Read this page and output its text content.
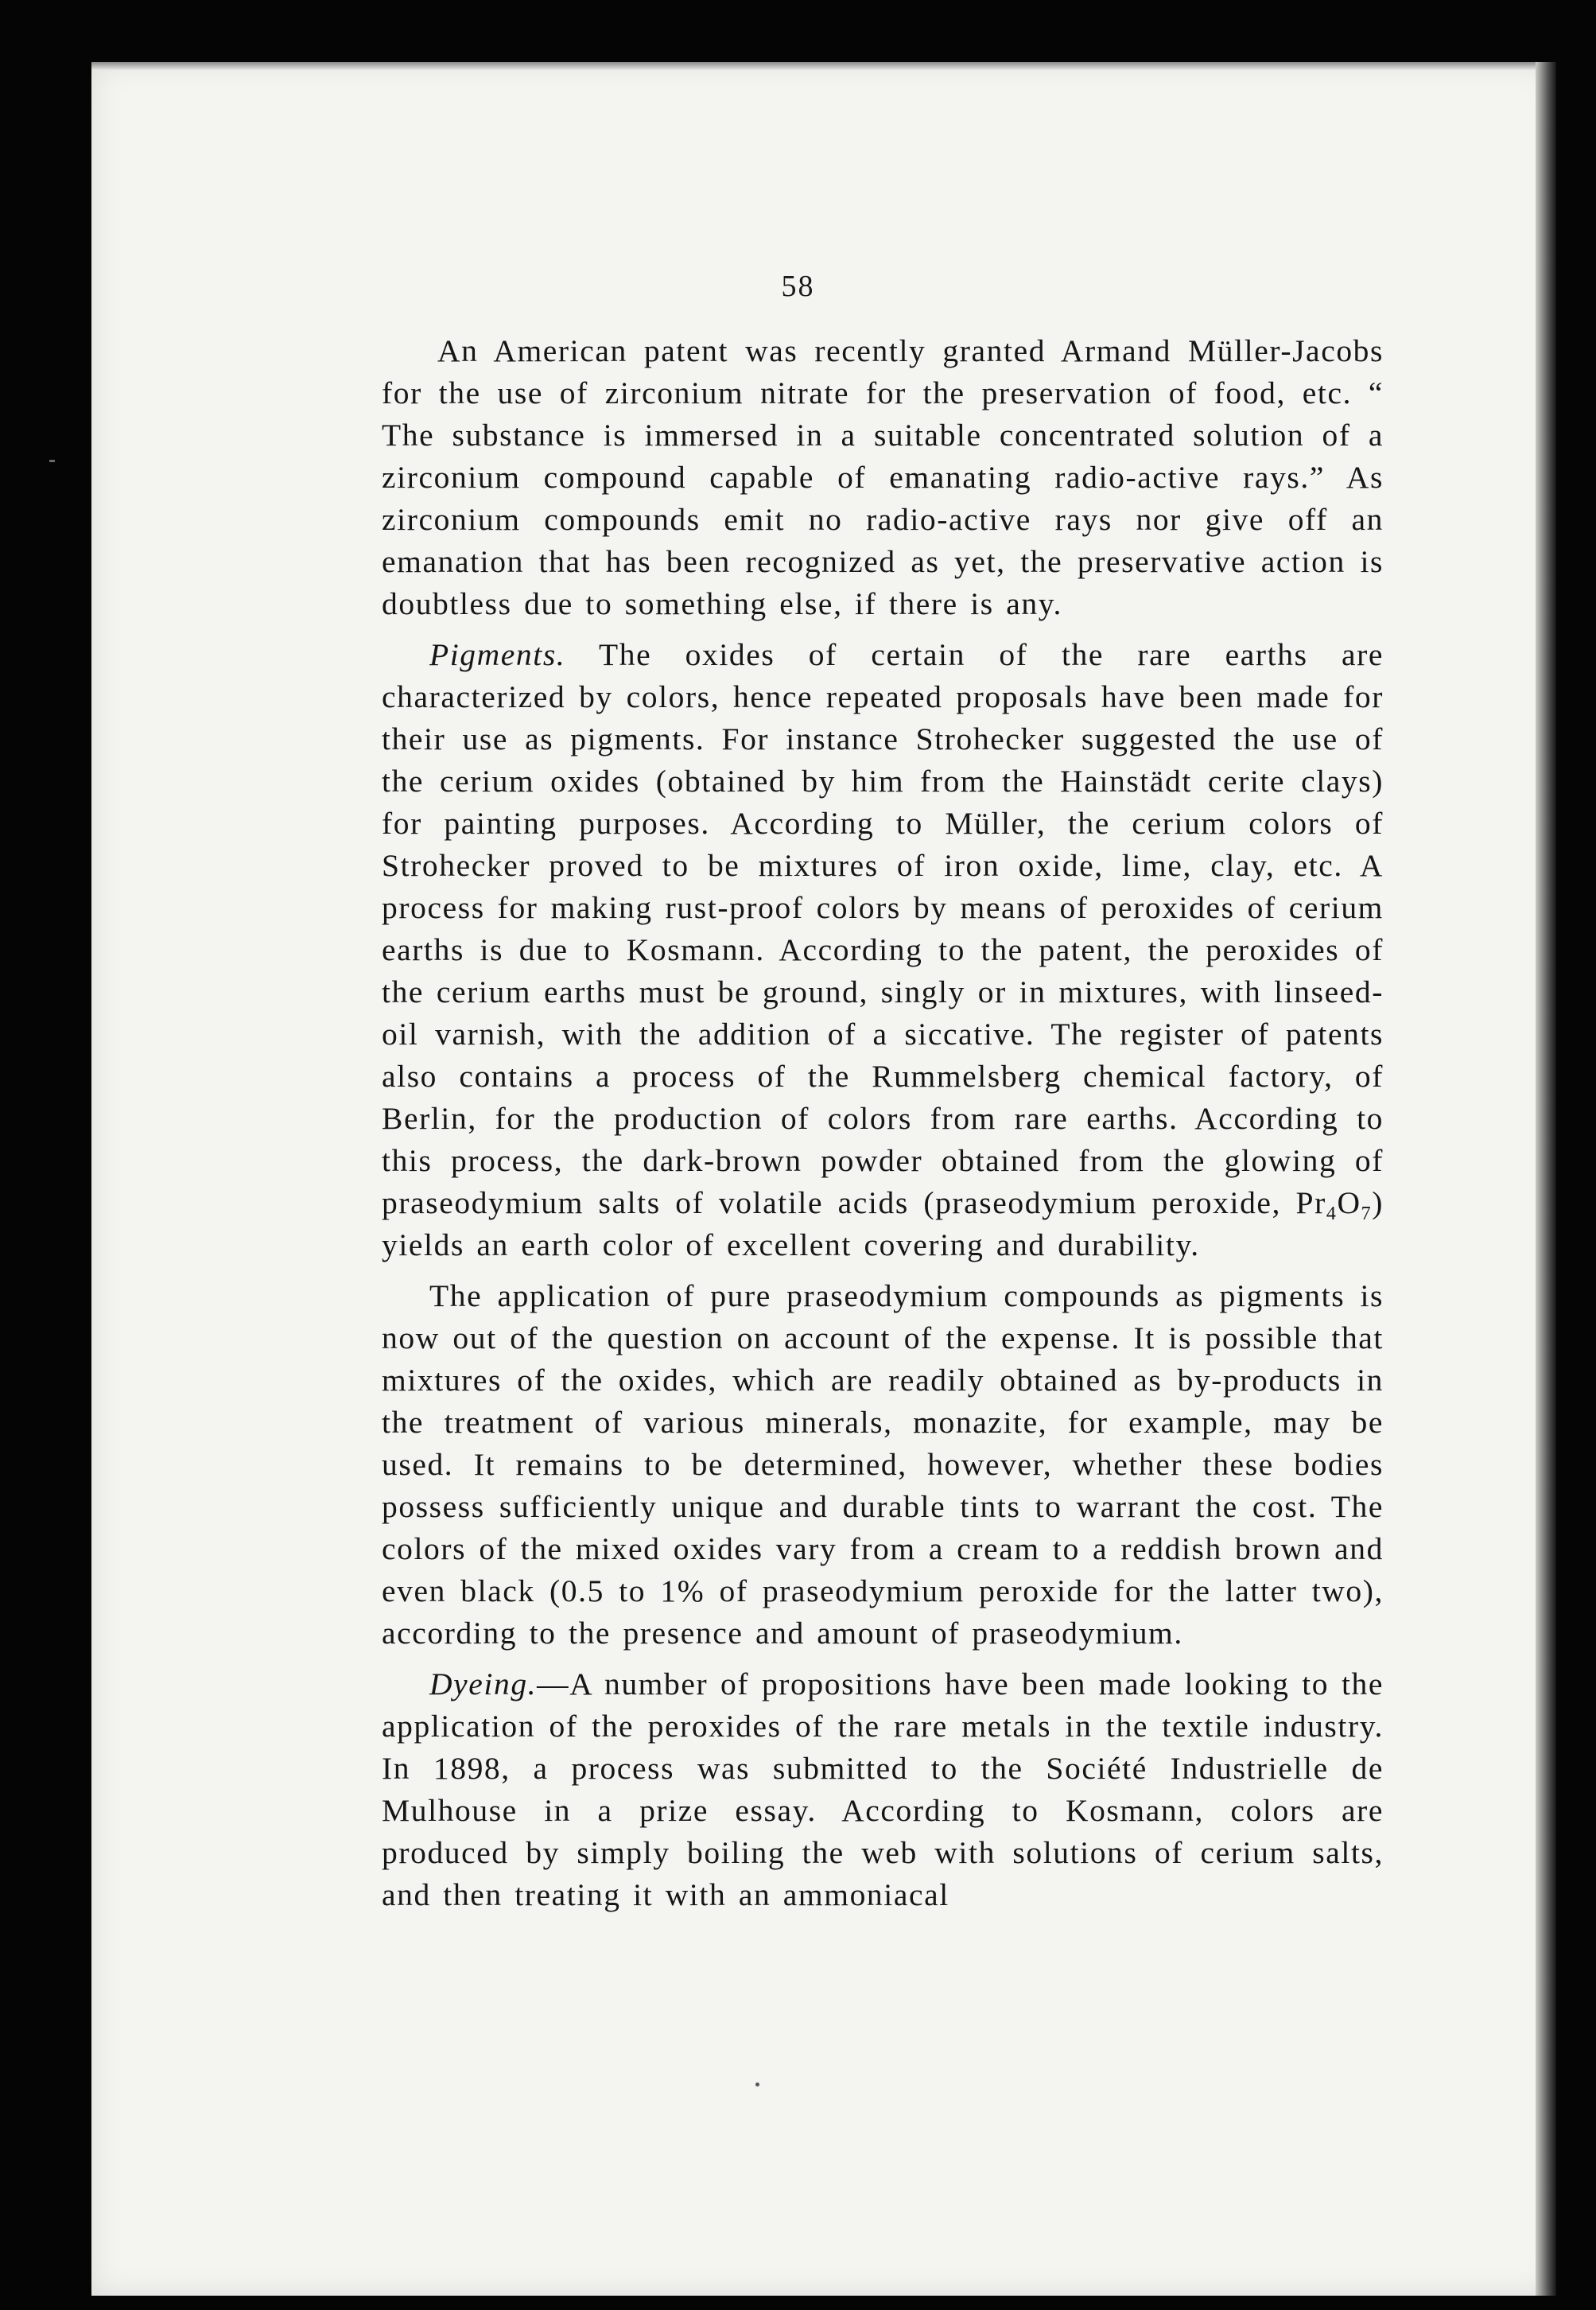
58

An American patent was recently granted Armand Müller-Jacobs for the use of zirconium nitrate for the preservation of food, etc. “ The substance is immersed in a suitable concentrated solution of a zirconium compound capable of emanating radio-active rays.” As zirconium compounds emit no radio-active rays nor give off an emanation that has been recognized as yet, the preservative action is doubtless due to something else, if there is any.

Pigments. The oxides of certain of the rare earths are characterized by colors, hence repeated proposals have been made for their use as pigments. For instance Strohecker suggested the use of the cerium oxides (obtained by him from the Hainstädt cerite clays) for painting purposes. According to Müller, the cerium colors of Strohecker proved to be mixtures of iron oxide, lime, clay, etc. A process for making rust-proof colors by means of peroxides of cerium earths is due to Kosmann. According to the patent, the peroxides of the cerium earths must be ground, singly or in mixtures, with linseed-oil varnish, with the addition of a siccative. The register of patents also contains a process of the Rummelsberg chemical factory, of Berlin, for the production of colors from rare earths. According to this process, the dark-brown powder obtained from the glowing of praseodymium salts of volatile acids (praseodymium peroxide, $Pr_4O_7$) yields an earth color of excellent covering and durability.

The application of pure praseodymium compounds as pigments is now out of the question on account of the expense. It is possible that mixtures of the oxides, which are readily obtained as by-products in the treatment of various minerals, monazite, for example, may be used. It remains to be determined, however, whether these bodies possess sufficiently unique and durable tints to warrant the cost. The colors of the mixed oxides vary from a cream to a reddish brown and even black (0.5 to 1% of praseodymium peroxide for the latter two), according to the presence and amount of praseodymium.

Dyeing.—A number of propositions have been made looking to the application of the peroxides of the rare metals in the textile industry. In 1898, a process was submitted to the Société Industrielle de Mulhouse in a prize essay. According to Kosmann, colors are produced by simply boiling the web with solutions of cerium salts, and then treating it with an ammoniacal
